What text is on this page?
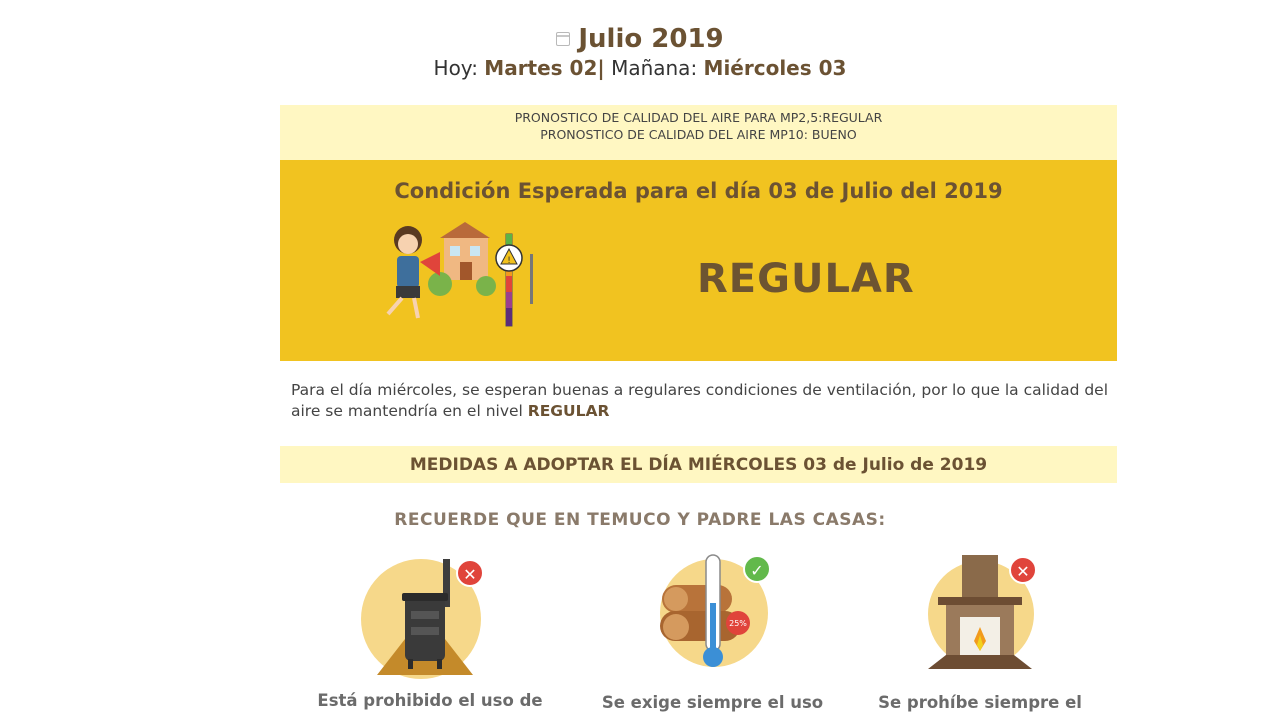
Julio 2019
Hoy: Martes 02| Mañana: Miércoles 03
PRONOSTICO DE CALIDAD DEL AIRE PARA MP2,5:REGULAR
PRONOSTICO DE CALIDAD DEL AIRE MP10: BUENO
Condición Esperada para el día 03 de Julio del 2019
!	REGULAR
Para el día miércoles, se esperan buenas a regulares condiciones de ventilación, por lo que la calidad del aire se mantendría en el nivel REGULAR
MEDIDAS A ADOPTAR EL DÍA MIÉRCOLES 03 de Julio de 2019
RECUERDE QUE EN TEMUCO Y PADRE LAS CASAS:
✕
Está prohibido el uso de
25%
✓
Se exige siempre el uso
✕
Se prohíbe siempre el
